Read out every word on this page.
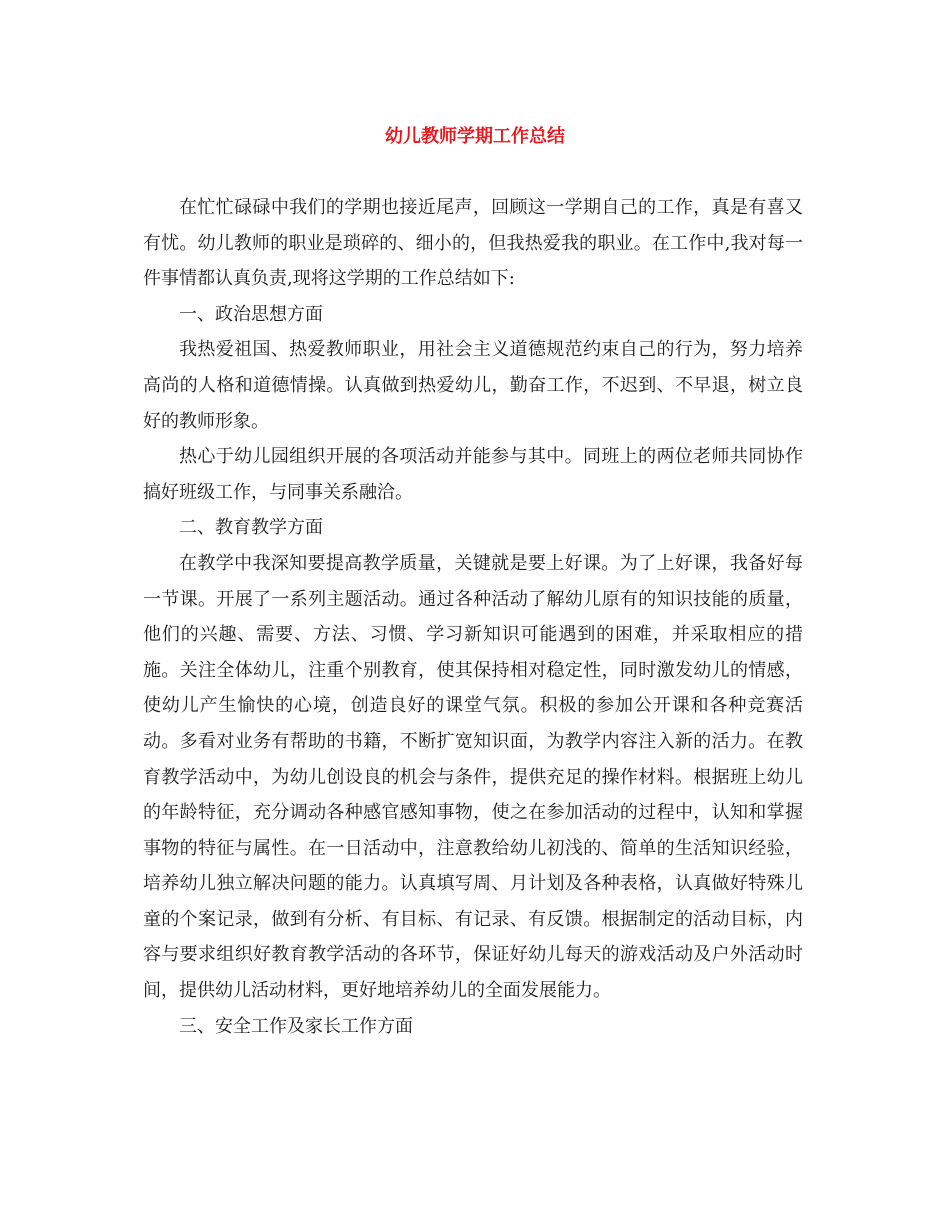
幼儿教师学期工作总结

在忙忙碌碌中我们的学期也接近尾声，回顾这一学期自己的工作，真是有喜又有忧。幼儿教师的职业是琐碎的、细小的，但我热爱我的职业。在工作中,我对每一件事情都认真负责,现将这学期的工作总结如下:

一、政治思想方面

我热爱祖国、热爱教师职业，用社会主义道德规范约束自己的行为，努力培养高尚的人格和道德情操。认真做到热爱幼儿，勤奋工作，不迟到、不早退，树立良好的教师形象。

热心于幼儿园组织开展的各项活动并能参与其中。同班上的两位老师共同协作搞好班级工作，与同事关系融洽。

二、教育教学方面

在教学中我深知要提高教学质量，关键就是要上好课。为了上好课，我备好每一节课。开展了一系列主题活动。通过各种活动了解幼儿原有的知识技能的质量，他们的兴趣、需要、方法、习惯、学习新知识可能遇到的困难，并采取相应的措施。关注全体幼儿，注重个别教育，使其保持相对稳定性，同时激发幼儿的情感，使幼儿产生愉快的心境，创造良好的课堂气氛。积极的参加公开课和各种竞赛活动。多看对业务有帮助的书籍，不断扩宽知识面，为教学内容注入新的活力。在教育教学活动中，为幼儿创设良的机会与条件，提供充足的操作材料。根据班上幼儿的年龄特征，充分调动各种感官感知事物，使之在参加活动的过程中，认知和掌握事物的特征与属性。在一日活动中，注意教给幼儿初浅的、简单的生活知识经验，培养幼儿独立解决问题的能力。认真填写周、月计划及各种表格，认真做好特殊儿童的个案记录，做到有分析、有目标、有记录、有反馈。根据制定的活动目标，内容与要求组织好教育教学活动的各环节，保证好幼儿每天的游戏活动及户外活动时间，提供幼儿活动材料，更好地培养幼儿的全面发展能力。

三、安全工作及家长工作方面
